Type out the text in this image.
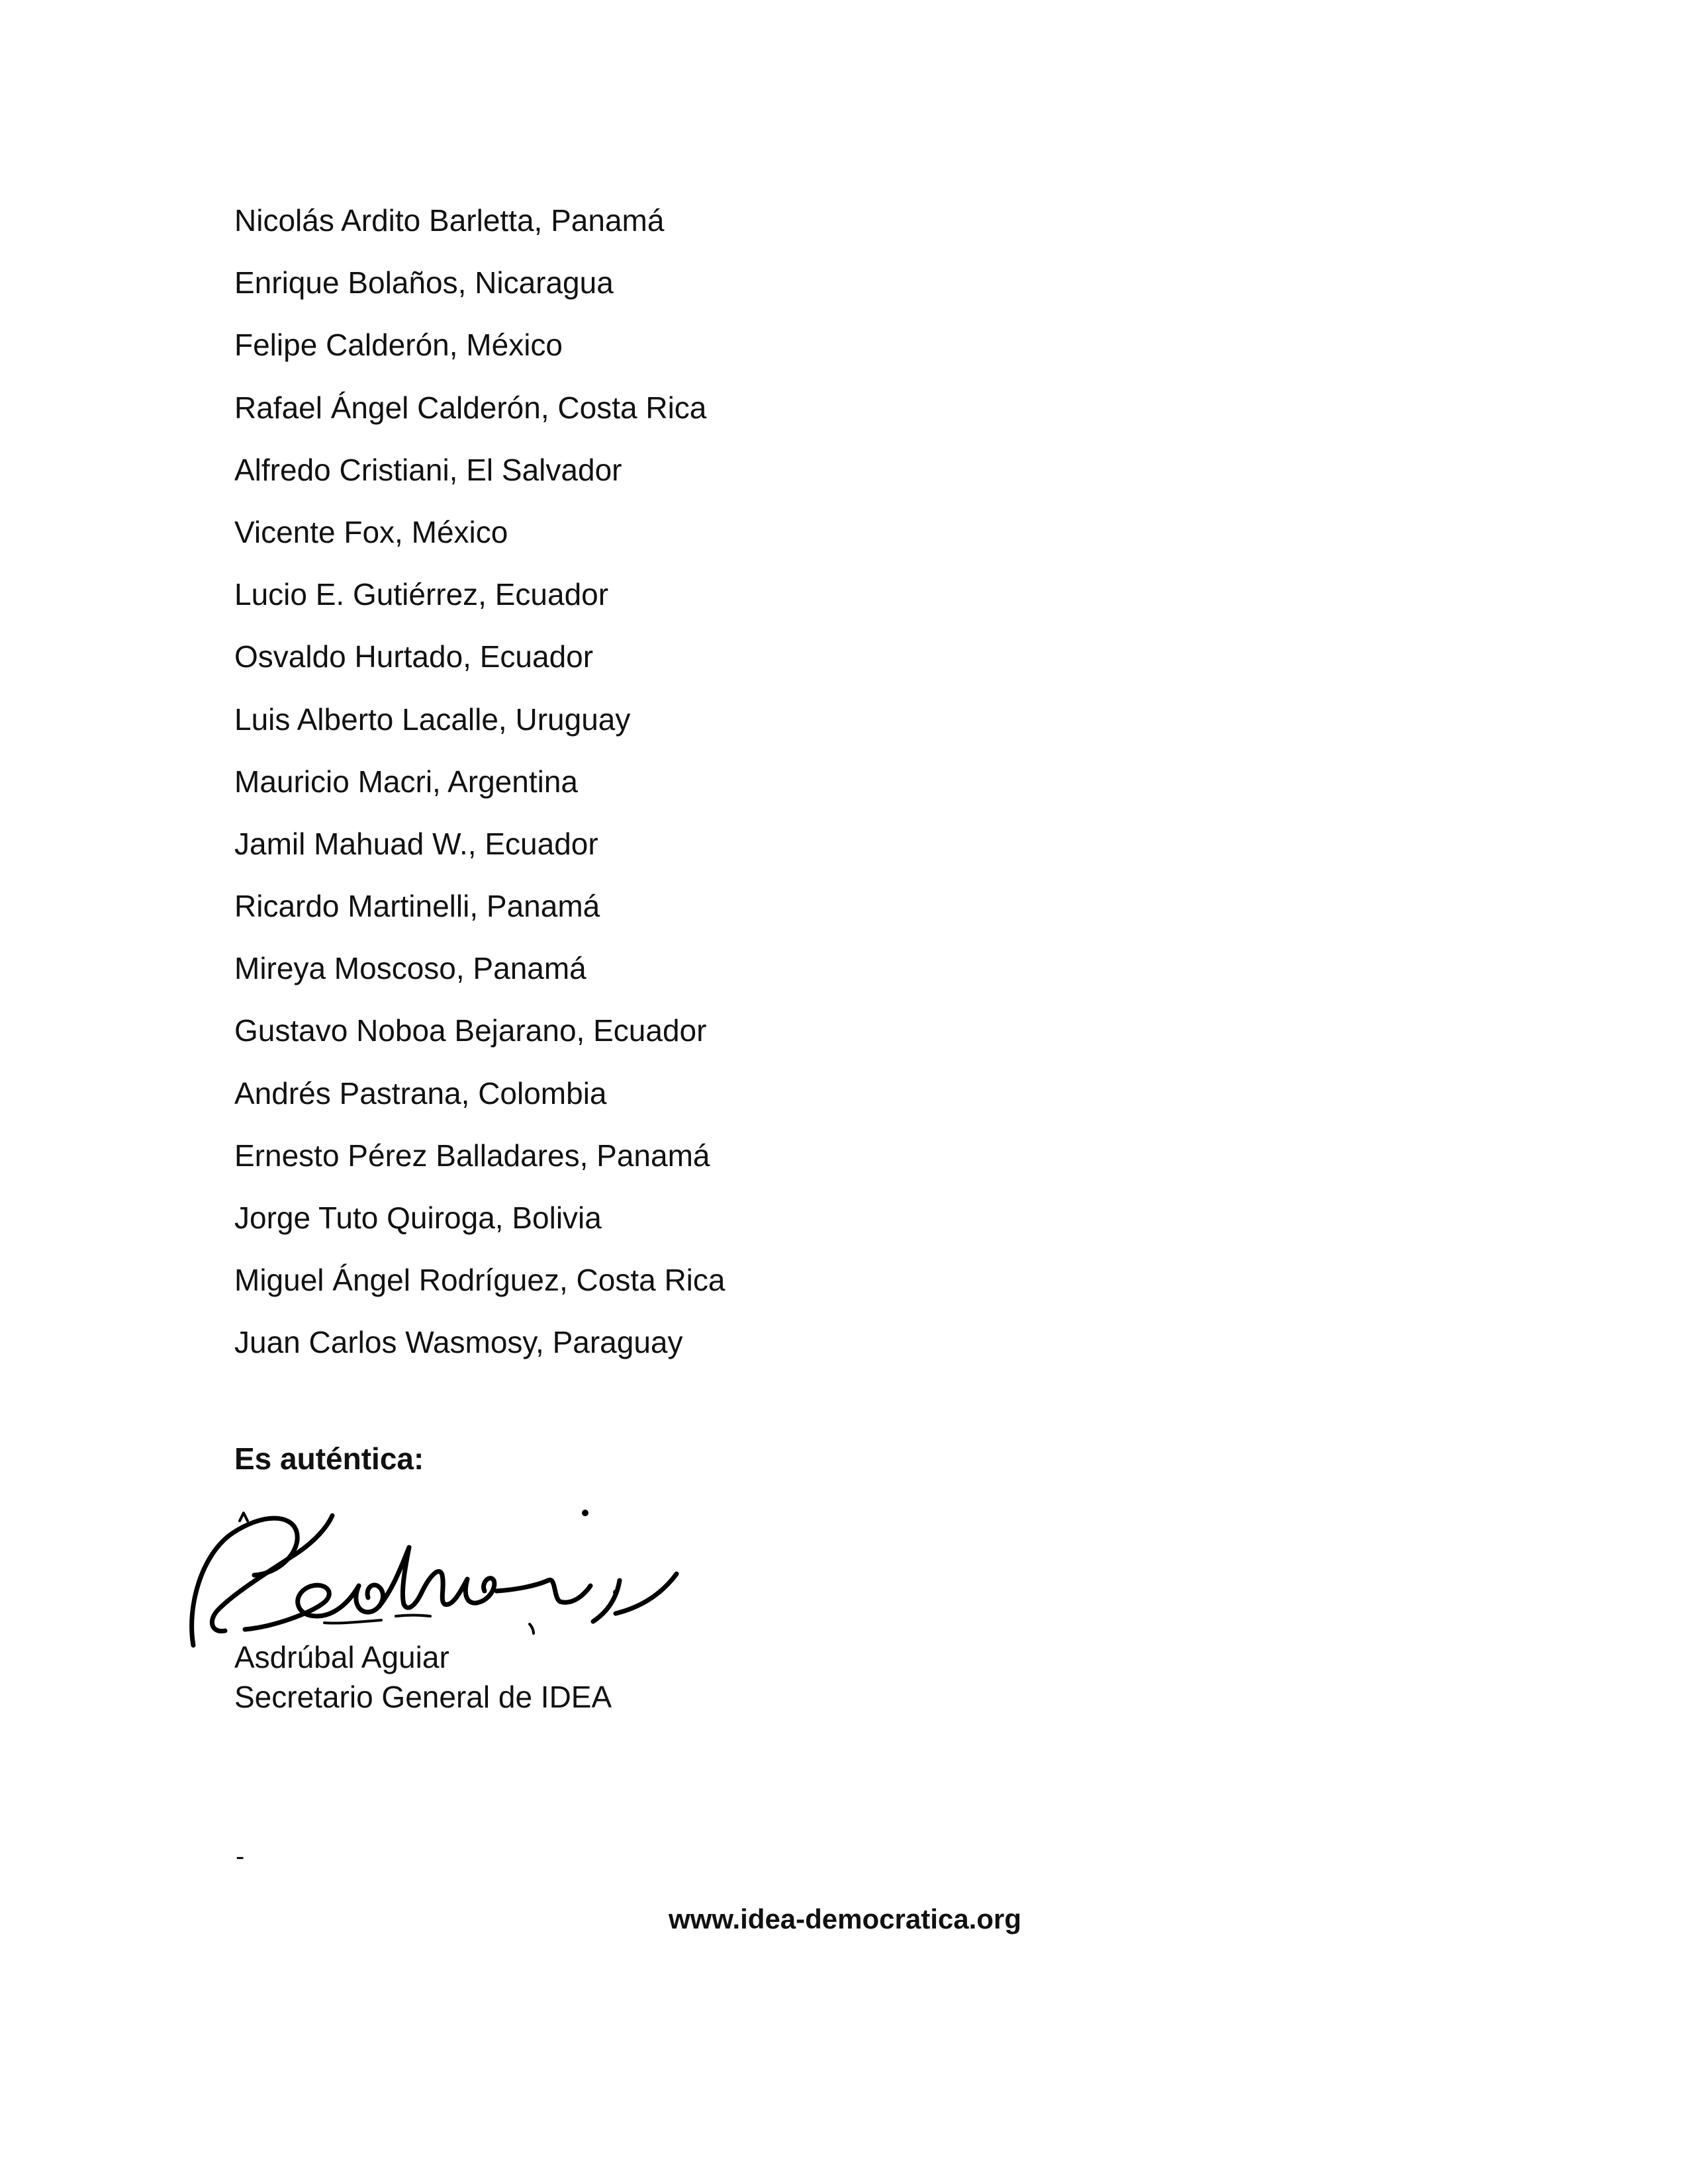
Nicolás Ardito Barletta, Panamá
Enrique Bolaños, Nicaragua
Felipe Calderón, México
Rafael Ángel Calderón, Costa Rica
Alfredo Cristiani, El Salvador
Vicente Fox, México
Lucio E. Gutiérrez, Ecuador
Osvaldo Hurtado, Ecuador
Luis Alberto Lacalle, Uruguay
Mauricio Macri, Argentina
Jamil Mahuad W., Ecuador
Ricardo Martinelli, Panamá
Mireya Moscoso, Panamá
Gustavo Noboa Bejarano, Ecuador
Andrés Pastrana, Colombia
Ernesto Pérez Balladares, Panamá
Jorge Tuto Quiroga, Bolivia
Miguel Ángel Rodríguez, Costa Rica
Juan Carlos Wasmosy, Paraguay
Es auténtica:
Asdrúbal Aguiar
Secretario General de IDEA
-
www.idea-democratica.org
